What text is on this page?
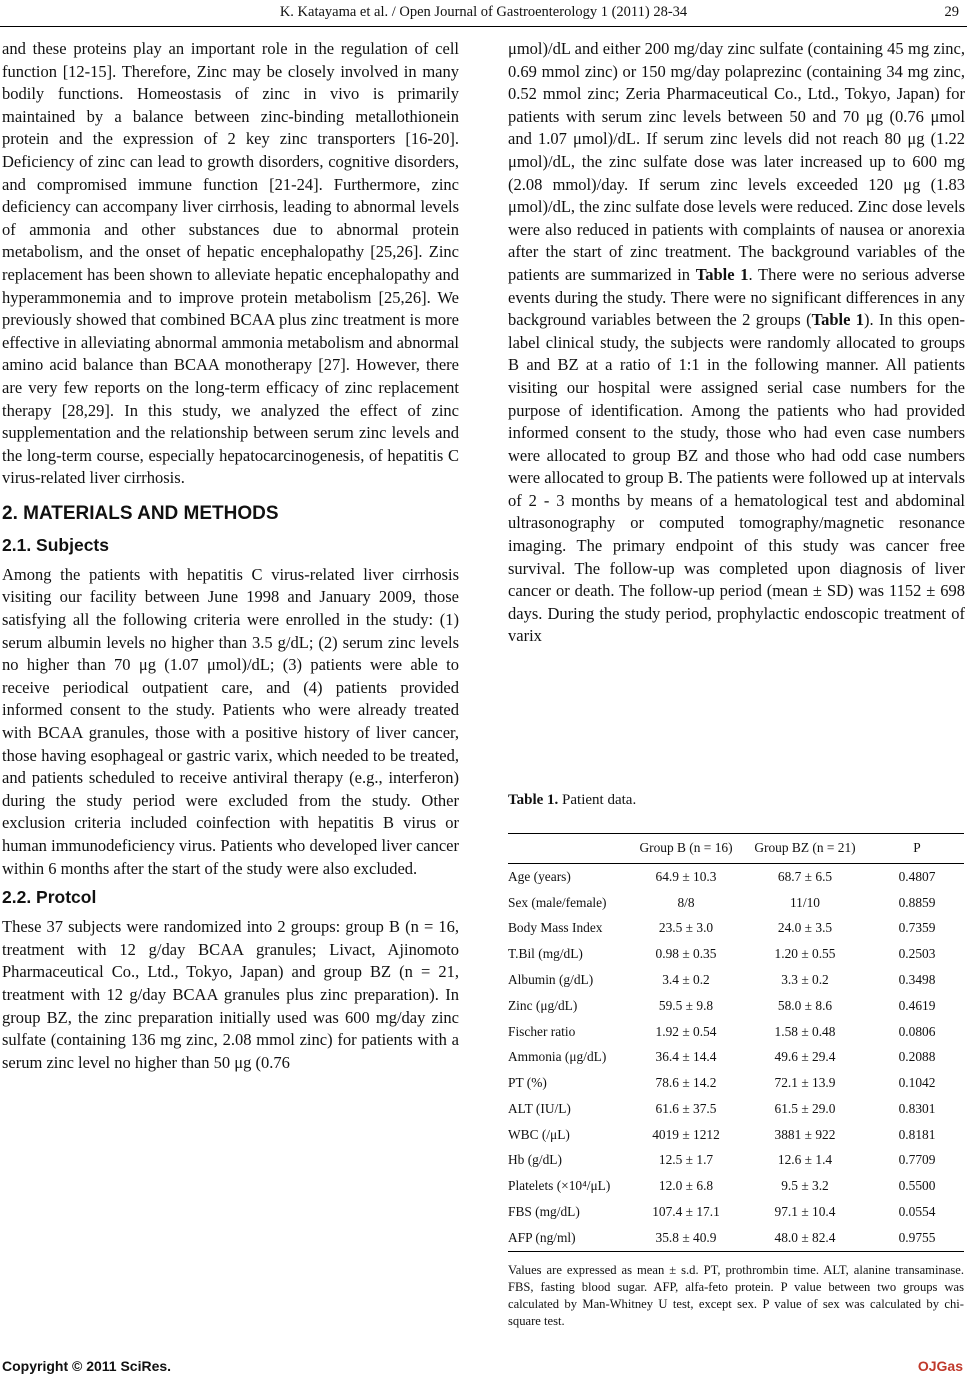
K. Katayama et al. / Open Journal of Gastroenterology 1 (2011) 28-34	29

and these proteins play an important role in the regulation of cell function [12-15]. Therefore, Zinc may be closely involved in many bodily functions. Homeostasis of zinc in vivo is primarily maintained by a balance between zinc-binding metallothionein protein and the expression of 2 key zinc transporters [16-20]. Deficiency of zinc can lead to growth disorders, cognitive disorders, and compromised immune function [21-24]. Furthermore, zinc deficiency can accompany liver cirrhosis, leading to abnormal levels of ammonia and other substances due to abnormal protein metabolism, and the onset of hepatic encephalopathy [25,26]. Zinc replacement has been shown to alleviate hepatic encephalopathy and hyperammonemia and to improve protein metabolism [25,26]. We previously showed that combined BCAA plus zinc treatment is more effective in alleviating abnormal ammonia metabolism and abnormal amino acid balance than BCAA monotherapy [27]. However, there are very few reports on the long-term efficacy of zinc replacement therapy [28,29]. In this study, we analyzed the effect of zinc supplementation and the relationship between serum zinc levels and the long-term course, especially hepatocarcinogenesis, of hepatitis C virus-related liver cirrhosis.

2. MATERIALS AND METHODS
2.1. Subjects

Among the patients with hepatitis C virus-related liver cirrhosis visiting our facility between June 1998 and January 2009, those satisfying all the following criteria were enrolled in the study: (1) serum albumin levels no higher than 3.5 g/dL; (2) serum zinc levels no higher than 70 μg (1.07 μmol)/dL; (3) patients were able to receive periodical outpatient care, and (4) patients provided informed consent to the study. Patients who were already treated with BCAA granules, those with a positive history of liver cancer, those having esophageal or gastric varix, which needed to be treated, and patients scheduled to receive antiviral therapy (e.g., interferon) during the study period were excluded from the study. Other exclusion criteria included coinfection with hepatitis B virus or human immunodeficiency virus. Patients who developed liver cancer within 6 months after the start of the study were also excluded.

2.2. Protcol

These 37 subjects were randomized into 2 groups: group B (n = 16, treatment with 12 g/day BCAA granules; Livact, Ajinomoto Pharmaceutical Co., Ltd., Tokyo, Japan) and group BZ (n = 21, treatment with 12 g/day BCAA granules plus zinc preparation). In group BZ, the zinc preparation initially used was 600 mg/day zinc sulfate (containing 136 mg zinc, 2.08 mmol zinc) for patients with a serum zinc level no higher than 50 μg (0.76

μmol)/dL and either 200 mg/day zinc sulfate (containing 45 mg zinc, 0.69 mmol zinc) or 150 mg/day polaprezinc (containing 34 mg zinc, 0.52 mmol zinc; Zeria Pharmaceutical Co., Ltd., Tokyo, Japan) for patients with serum zinc levels between 50 and 70 μg (0.76 μmol and 1.07 μmol)/dL. If serum zinc levels did not reach 80 μg (1.22 μmol)/dL, the zinc sulfate dose was later increased up to 600 mg (2.08 mmol)/day. If serum zinc levels exceeded 120 μg (1.83 μmol)/dL, the zinc sulfate dose levels were reduced. Zinc dose levels were also reduced in patients with complaints of nausea or anorexia after the start of zinc treatment. The background variables of the patients are summarized in Table 1. There were no serious adverse events during the study. There were no significant differences in any background variables between the 2 groups (Table 1). In this open-label clinical study, the subjects were randomly allocated to groups B and BZ at a ratio of 1:1 in the following manner. All patients visiting our hospital were assigned serial case numbers for the purpose of identification. Among the patients who had provided informed consent to the study, those who had even case numbers were allocated to group BZ and those who had odd case numbers were allocated to group B. The patients were followed up at intervals of 2 - 3 months by means of a hematological test and abdominal ultrasonography or computed tomography/magnetic resonance imaging. The primary endpoint of this study was cancer free survival. The follow-up was completed upon diagnosis of liver cancer or death. The follow-up period (mean ± SD) was 1152 ± 698 days. During the study period, prophylactic endoscopic treatment of varix

Table 1. Patient data.
	Group B (n = 16)	Group BZ (n = 21)	P
Age (years)	64.9 ± 10.3	68.7 ± 6.5	0.4807
Sex (male/female)	8/8	11/10	0.8859
Body Mass Index	23.5 ± 3.0	24.0 ± 3.5	0.7359
T.Bil (mg/dL)	0.98 ± 0.35	1.20 ± 0.55	0.2503
Albumin (g/dL)	3.4 ± 0.2	3.3 ± 0.2	0.3498
Zinc (μg/dL)	59.5 ± 9.8	58.0 ± 8.6	0.4619
Fischer ratio	1.92 ± 0.54	1.58 ± 0.48	0.0806
Ammonia (μg/dL)	36.4 ± 14.4	49.6 ± 29.4	0.2088
PT (%)	78.6 ± 14.2	72.1 ± 13.9	0.1042
ALT (IU/L)	61.6 ± 37.5	61.5 ± 29.0	0.8301
WBC (/μL)	4019 ± 1212	3881 ± 922	0.8181
Hb (g/dL)	12.5 ± 1.7	12.6 ± 1.4	0.7709
Platelets (×10⁴/μL)	12.0 ± 6.8	9.5 ± 3.2	0.5500
FBS (mg/dL)	107.4 ± 17.1	97.1 ± 10.4	0.0554
AFP (ng/ml)	35.8 ± 40.9	48.0 ± 82.4	0.9755
Values are expressed as mean ± s.d. PT, prothrombin time. ALT, alanine transaminase. FBS, fasting blood sugar. AFP, alfa-feto protein. P value between two groups was calculated by Man-Whitney U test, except sex. P value of sex was calculated by chi-square test.
Copyright © 2011 SciRes.	OJGas
